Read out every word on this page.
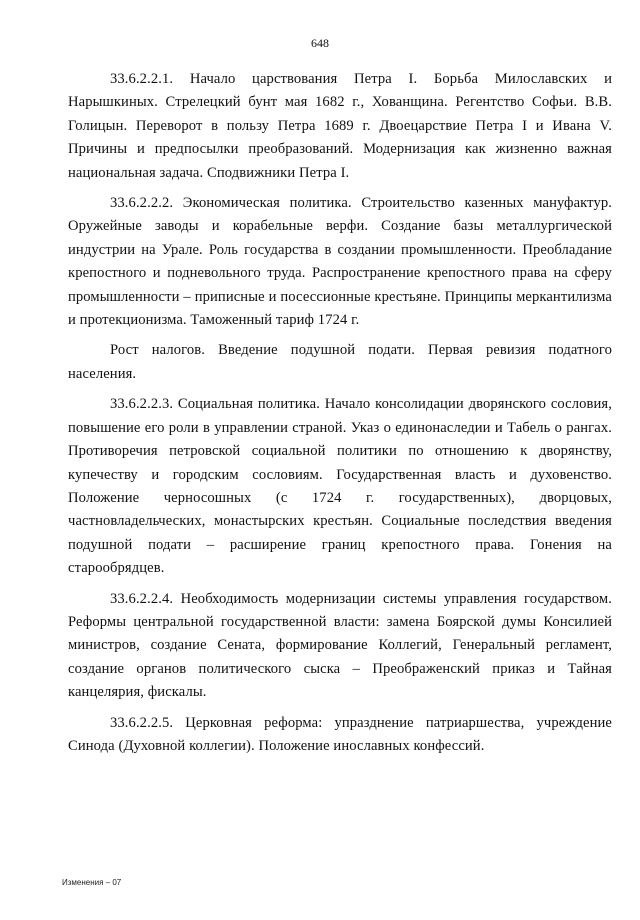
648

33.6.2.2.1. Начало царствования Петра I. Борьба Милославских и Нарышкиных. Стрелецкий бунт мая 1682 г., Хованщина. Регентство Софьи. В.В. Голицын. Переворот в пользу Петра 1689 г. Двоецарствие Петра I и Ивана V. Причины и предпосылки преобразований. Модернизация как жизненно важная национальная задача. Сподвижники Петра I.

33.6.2.2.2. Экономическая политика. Строительство казенных мануфактур. Оружейные заводы и корабельные верфи. Создание базы металлургической индустрии на Урале. Роль государства в создании промышленности. Преобладание крепостного и подневольного труда. Распространение крепостного права на сферу промышленности – приписные и посессионные крестьяне. Принципы меркантилизма и протекционизма. Таможенный тариф 1724 г.

Рост налогов. Введение подушной подати. Первая ревизия податного населения.

33.6.2.2.3. Социальная политика. Начало консолидации дворянского сословия, повышение его роли в управлении страной. Указ о единонаследии и Табель о рангах. Противоречия петровской социальной политики по отношению к дворянству, купечеству и городским сословиям. Государственная власть и духовенство. Положение черносошных (с 1724 г. государственных), дворцовых, частновладельческих, монастырских крестьян. Социальные последствия введения подушной подати – расширение границ крепостного права. Гонения на старообрядцев.

33.6.2.2.4. Необходимость модернизации системы управления государством. Реформы центральной государственной власти: замена Боярской думы Консилией министров, создание Сената, формирование Коллегий, Генеральный регламент, создание органов политического сыска – Преображенский приказ и Тайная канцелярия, фискалы.

33.6.2.2.5. Церковная реформа: упразднение патриаршества, учреждение Синода (Духовной коллегии). Положение инославных конфессий.

Изменения – 07
